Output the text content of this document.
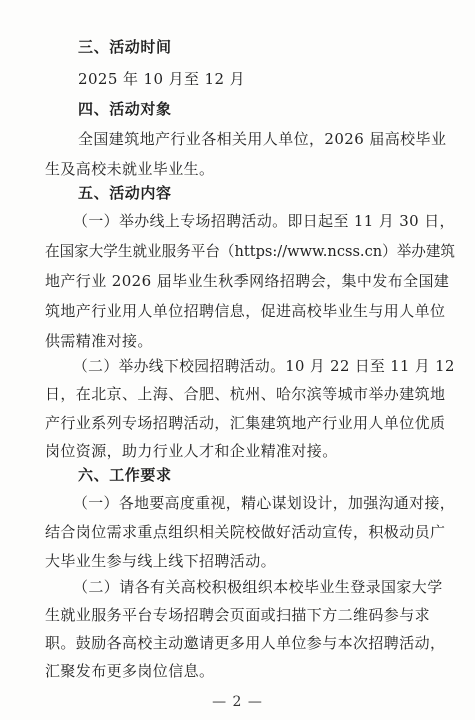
三、活动时间
2025 年 10 月至 12 月
四、活动对象
全国建筑地产行业各相关用人单位，2026 届高校毕业
生及高校未就业毕业生。
五、活动内容
（一）举办线上专场招聘活动。即日起至 11 月 30 日，
在国家大学生就业服务平台（https://www.ncss.cn）举办建筑
地产行业 2026 届毕业生秋季网络招聘会，集中发布全国建
筑地产行业用人单位招聘信息，促进高校毕业生与用人单位
供需精准对接。
（二）举办线下校园招聘活动。10 月 22 日至 11 月 12
日，在北京、上海、合肥、杭州、哈尔滨等城市举办建筑地
产行业系列专场招聘活动，汇集建筑地产行业用人单位优质
岗位资源，助力行业人才和企业精准对接。
六、工作要求
（一）各地要高度重视，精心谋划设计，加强沟通对接，
结合岗位需求重点组织相关院校做好活动宣传，积极动员广
大毕业生参与线上线下招聘活动。
（二）请各有关高校积极组织本校毕业生登录国家大学
生就业服务平台专场招聘会页面或扫描下方二维码参与求
职。鼓励各高校主动邀请更多用人单位参与本次招聘活动，
汇聚发布更多岗位信息。
— 2 —
